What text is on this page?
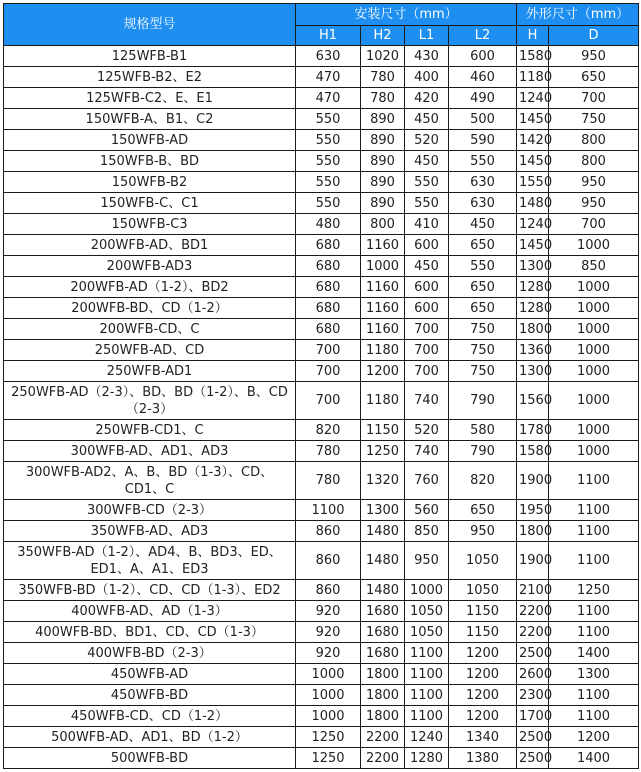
规格型号	安装尺寸（mm）				外形尺寸（mm）	
	H1	H2	L1	L2	H	D
125WFB-B1	630	1020	430	600	1580	950
125WFB-B2、E2	470	780	400	460	1180	650
125WFB-C2、E、E1	470	780	420	490	1240	700
150WFB-A、B1、C2	550	890	450	500	1450	750
150WFB-AD	550	890	520	590	1420	800
150WFB-B、BD	550	890	450	550	1450	800
150WFB-B2	550	890	550	630	1550	950
150WFB-C、C1	550	890	550	630	1480	950
150WFB-C3	480	800	410	450	1240	700
200WFB-AD、BD1	680	1160	600	650	1450	1000
200WFB-AD3	680	1000	450	550	1300	850
200WFB-AD（1-2）、BD2	680	1160	600	650	1280	1000
200WFB-BD、CD（1-2）	680	1160	600	650	1280	1000
200WFB-CD、C	680	1160	700	750	1800	1000
250WFB-AD、CD	700	1180	700	750	1360	1000
250WFB-AD1	700	1200	700	750	1300	1000
250WFB-AD（2-3）、BD、BD（1-2）、B、CD（2-3）	700	1180	740	790	1560	1000
250WFB-CD1、C	820	1150	520	580	1780	1000
300WFB-AD、AD1、AD3	780	1250	740	790	1580	1000
300WFB-AD2、A、B、BD（1-3）、CD、CD1、C	780	1320	760	820	1900	1100
300WFB-CD（2-3）	1100	1300	560	650	1950	1100
350WFB-AD、AD3	860	1480	850	950	1800	1100
350WFB-AD（1-2）、AD4、B、BD3、ED、ED1、A、A1、ED3	860	1480	950	1050	1900	1100
350WFB-BD（1-2）、CD、CD（1-3）、ED2	860	1480	1000	1050	2100	1250
400WFB-AD、AD（1-3）	920	1680	1050	1150	2200	1100
400WFB-BD、BD1、CD、CD（1-3）	920	1680	1050	1150	2200	1100
400WFB-BD（2-3）	920	1680	1100	1200	2500	1400
450WFB-AD	1000	1800	1100	1200	2600	1300
450WFB-BD	1000	1800	1100	1200	2300	1100
450WFB-CD、CD（1-2）	1000	1800	1100	1200	1700	1100
500WFB-AD、AD1、BD（1-2）	1250	2200	1240	1340	2500	1200
500WFB-BD	1250	2200	1280	1380	2500	1400
